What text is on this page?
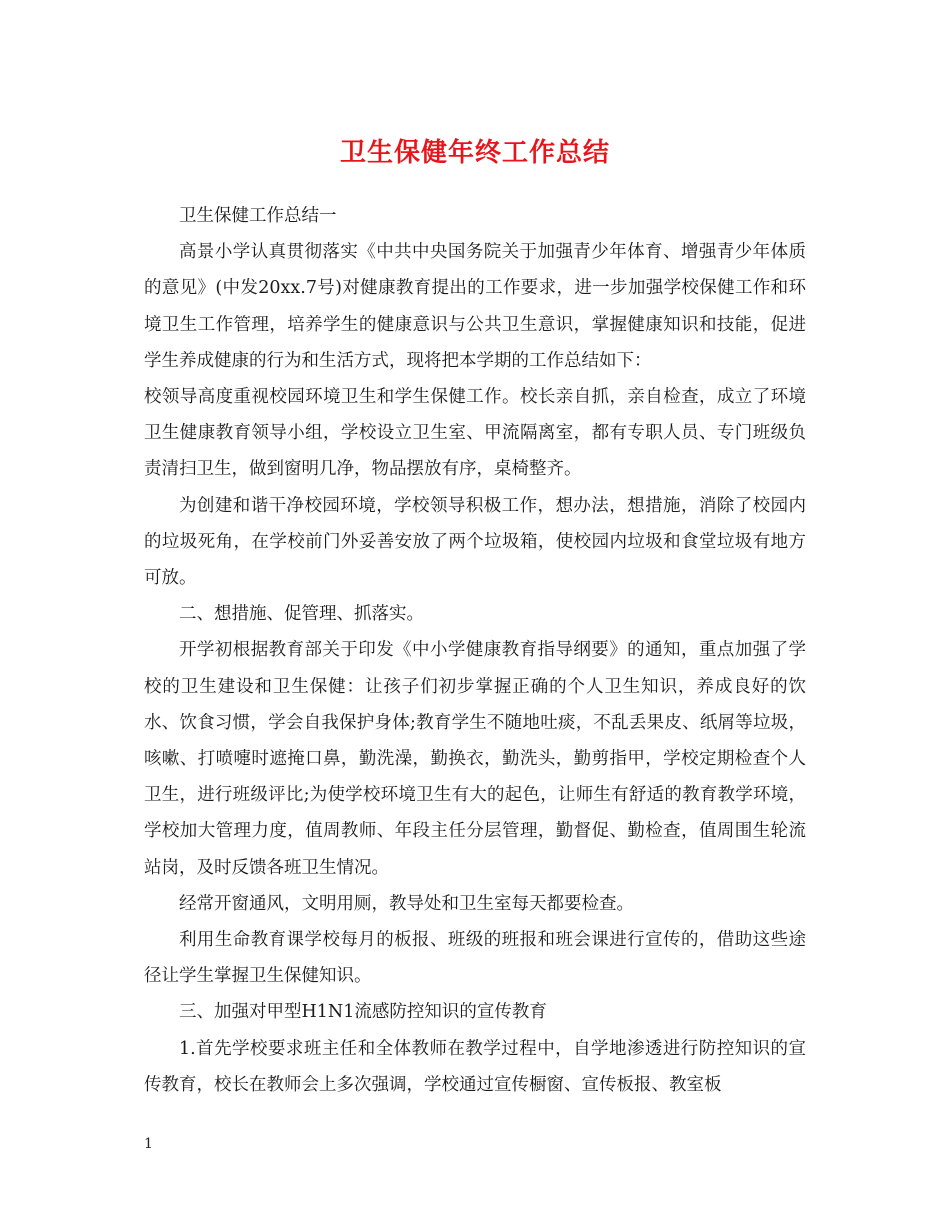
卫生保健年终工作总结

卫生保健工作总结一

高景小学认真贯彻落实《中共中央国务院关于加强青少年体育、增强青少年体质的意见》(中发20xx.7号)对健康教育提出的工作要求，进一步加强学校保健工作和环境卫生工作管理，培养学生的健康意识与公共卫生意识，掌握健康知识和技能，促进学生养成健康的行为和生活方式，现将把本学期的工作总结如下：

校领导高度重视校园环境卫生和学生保健工作。校长亲自抓，亲自检查，成立了环境卫生健康教育领导小组，学校设立卫生室、甲流隔离室，都有专职人员、专门班级负责清扫卫生，做到窗明几净，物品摆放有序，桌椅整齐。

为创建和谐干净校园环境，学校领导积极工作，想办法，想措施，消除了校园内的垃圾死角，在学校前门外妥善安放了两个垃圾箱，使校园内垃圾和食堂垃圾有地方可放。

二、想措施、促管理、抓落实。

开学初根据教育部关于印发《中小学健康教育指导纲要》的通知，重点加强了学校的卫生建设和卫生保健：让孩子们初步掌握正确的个人卫生知识，养成良好的饮水、饮食习惯，学会自我保护身体;教育学生不随地吐痰，不乱丢果皮、纸屑等垃圾，咳嗽、打喷嚏时遮掩口鼻，勤洗澡，勤换衣，勤洗头，勤剪指甲，学校定期检查个人卫生，进行班级评比;为使学校环境卫生有大的起色，让师生有舒适的教育教学环境，学校加大管理力度，值周教师、年段主任分层管理，勤督促、勤检查，值周围生轮流站岗，及时反馈各班卫生情况。

经常开窗通风，文明用厕，教导处和卫生室每天都要检查。

利用生命教育课学校每月的板报、班级的班报和班会课进行宣传的，借助这些途径让学生掌握卫生保健知识。

三、加强对甲型H1N1流感防控知识的宣传教育

1.首先学校要求班主任和全体教师在教学过程中，自学地渗透进行防控知识的宣传教育，校长在教师会上多次强调，学校通过宣传橱窗、宣传板报、教室板

1
